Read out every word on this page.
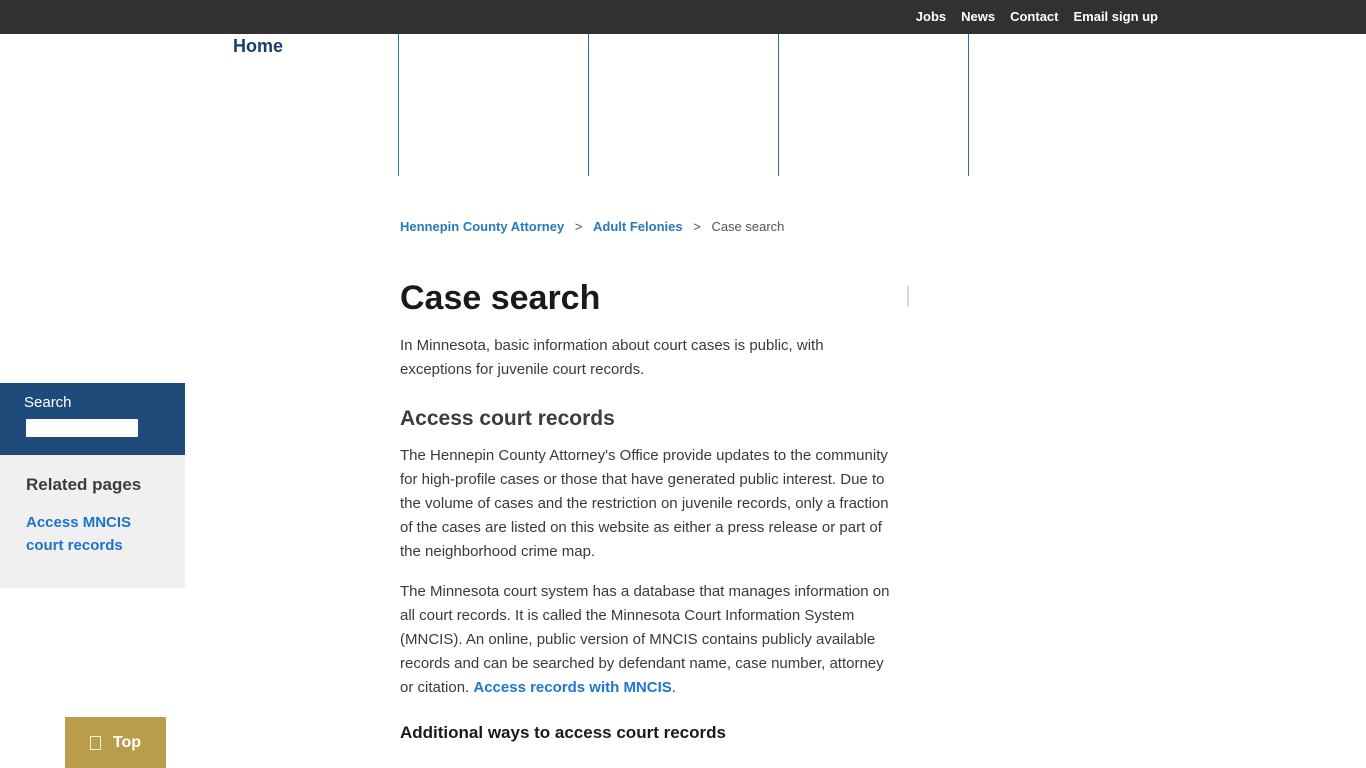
Jobs News Contact Email sign up
Home
Search
Related pages
Access MNCIS court records
Hennepin County Attorney > Adult Felonies > Case search
Case search

In Minnesota, basic information about court cases is public, with exceptions for juvenile court records.

Access court records

The Hennepin County Attorney's Office provide updates to the community for high-profile cases or those that have generated public interest. Due to the volume of cases and the restriction on juvenile records, only a fraction of the cases are listed on this website as either a press release or part of the neighborhood crime map.

The Minnesota court system has a database that manages information on all court records. It is called the Minnesota Court Information System (MNCIS). An online, public version of MNCIS contains publicly available records and can be searched by defendant name, case number, attorney or citation. Access records with MNCIS.

Additional ways to access court records
Top
